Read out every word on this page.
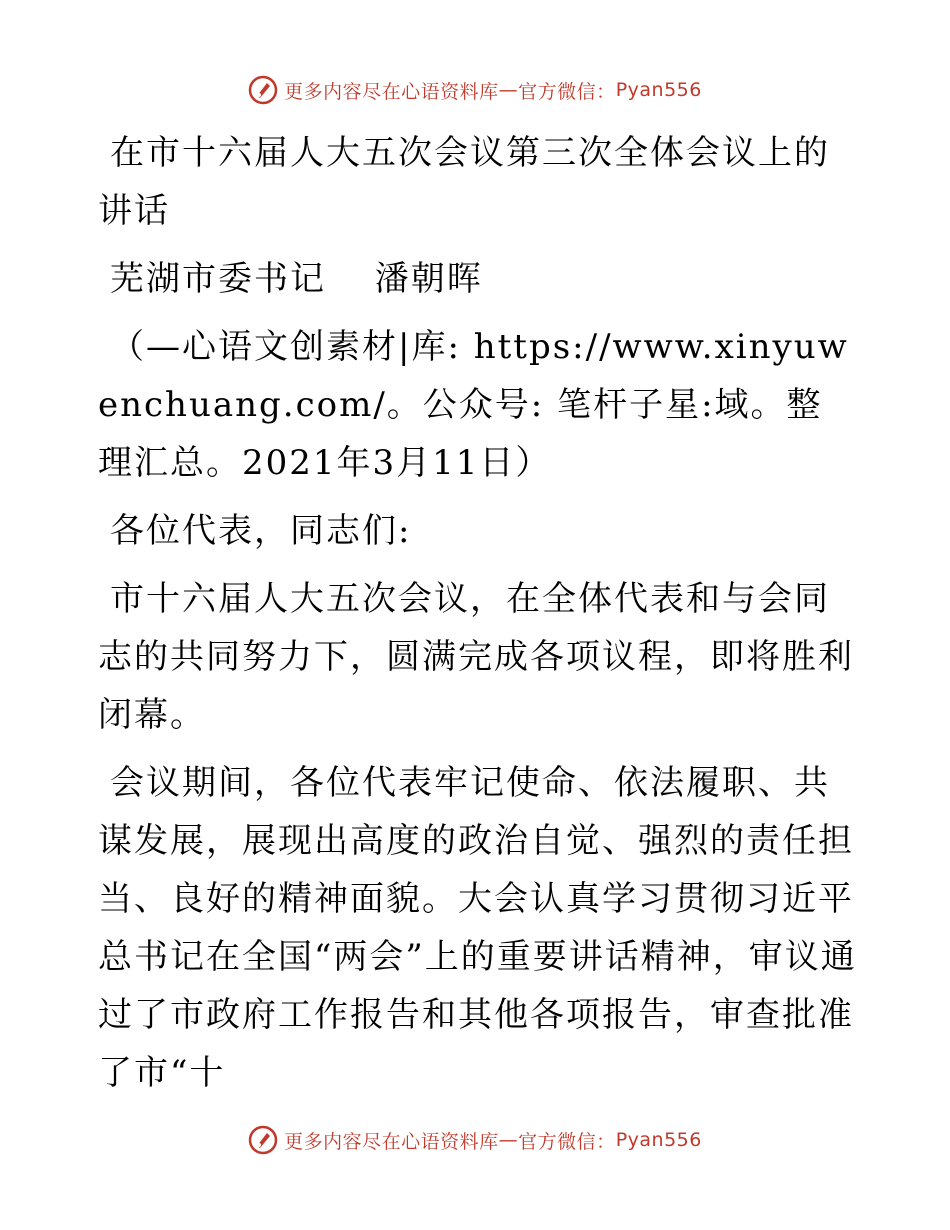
更多内容尽在心语资料库 — 官方微信： Pyan556

在市十六届人大五次会议第三次全体会议上的讲话

芜湖市委书记　 潘朝晖

（—心语文创素材|库: https://www.xinyuwenchuang.com/。公众号: 笔杆子星:域。整理汇总。2021年3月11日）

各位代表，同志们:

市十六届人大五次会议，在全体代表和与会同志的共同努力下，圆满完成各项议程，即将胜利闭幕。

会议期间，各位代表牢记使命、依法履职、共谋发展，展现出高度的政治自觉、强烈的责任担当、良好的精神面貌。大会认真学习贯彻习近平总书记在全国“两会”上的重要讲话精神，审议通过了市政府工作报告和其他各项报告，审查批准了市“十

更多内容尽在心语资料库 — 官方微信： Pyan556
